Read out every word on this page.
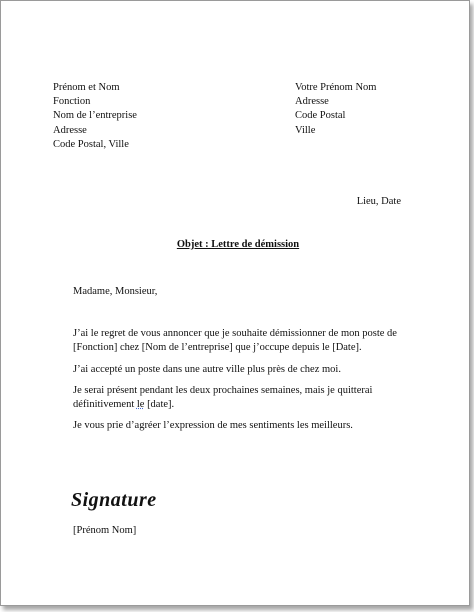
Prénom et Nom
Fonction
Nom de l’entreprise
Adresse
Code Postal, Ville
Votre Prénom Nom
Adresse
Code Postal
Ville
Lieu, Date
Objet : Lettre de démission
Madame, Monsieur,
J’ai le regret de vous annoncer que je souhaite démissionner de mon poste de
[Fonction] chez [Nom de l’entreprise] que j’occupe depuis le [Date].
J’ai accepté un poste dans une autre ville plus près de chez moi.
Je serai présent pendant les deux prochaines semaines, mais je quitterai
définitivement le [date].
Je vous prie d’agréer l’expression de mes sentiments les meilleurs.
Signature
[Prénom Nom]
